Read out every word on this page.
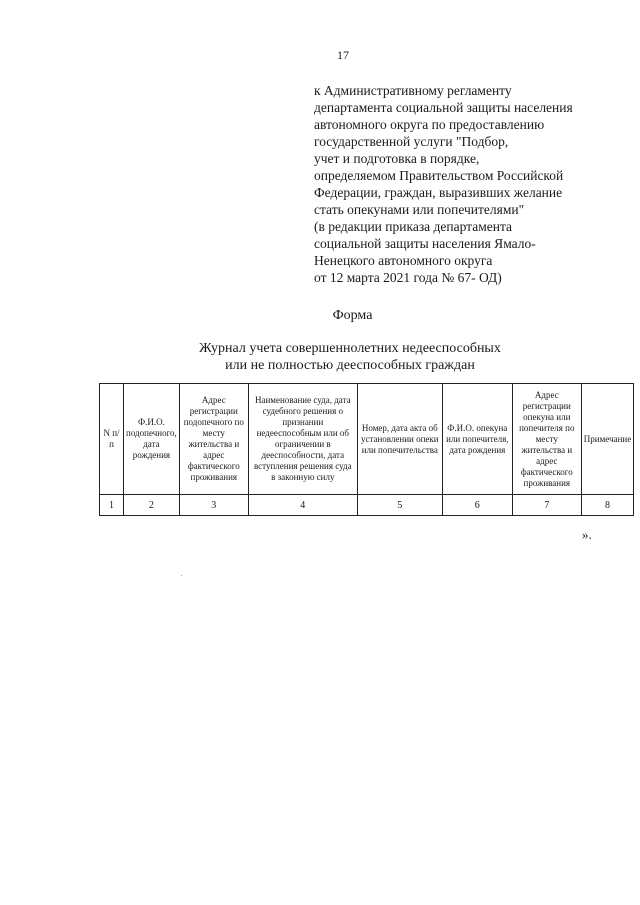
17
к Административному регламенту
департамента социальной защиты населения
автономного округа по предоставлению
государственной услуги "Подбор,
учет и подготовка в порядке,
определяемом Правительством Российской
Федерации, граждан, выразивших желание
стать опекунами или попечителями"
(в редакции приказа департамента
социальной защиты населения Ямало-
Ненецкого автономного округа
от 12 марта 2021 года № 67- ОД)
Форма
Журнал учета совершеннолетних недееспособных
или не полностью дееспособных граждан
N п/п	Ф.И.О. подопечного, дата рождения	Адрес регистрации подопечного по месту жительства и адрес фактического проживания	Наименование суда, дата судебного решения о признании недееспособным или об ограничении в дееспособности, дата вступления решения суда в законную силу	Номер, дата акта об установлении опеки или попечительства	Ф.И.О. опекуна или попечителя, дата рождения	Адрес регистрации опекуна или попечителя по месту жительства и адрес фактического проживания	Примечание
1	2	3	4	5	6	7	8
».
